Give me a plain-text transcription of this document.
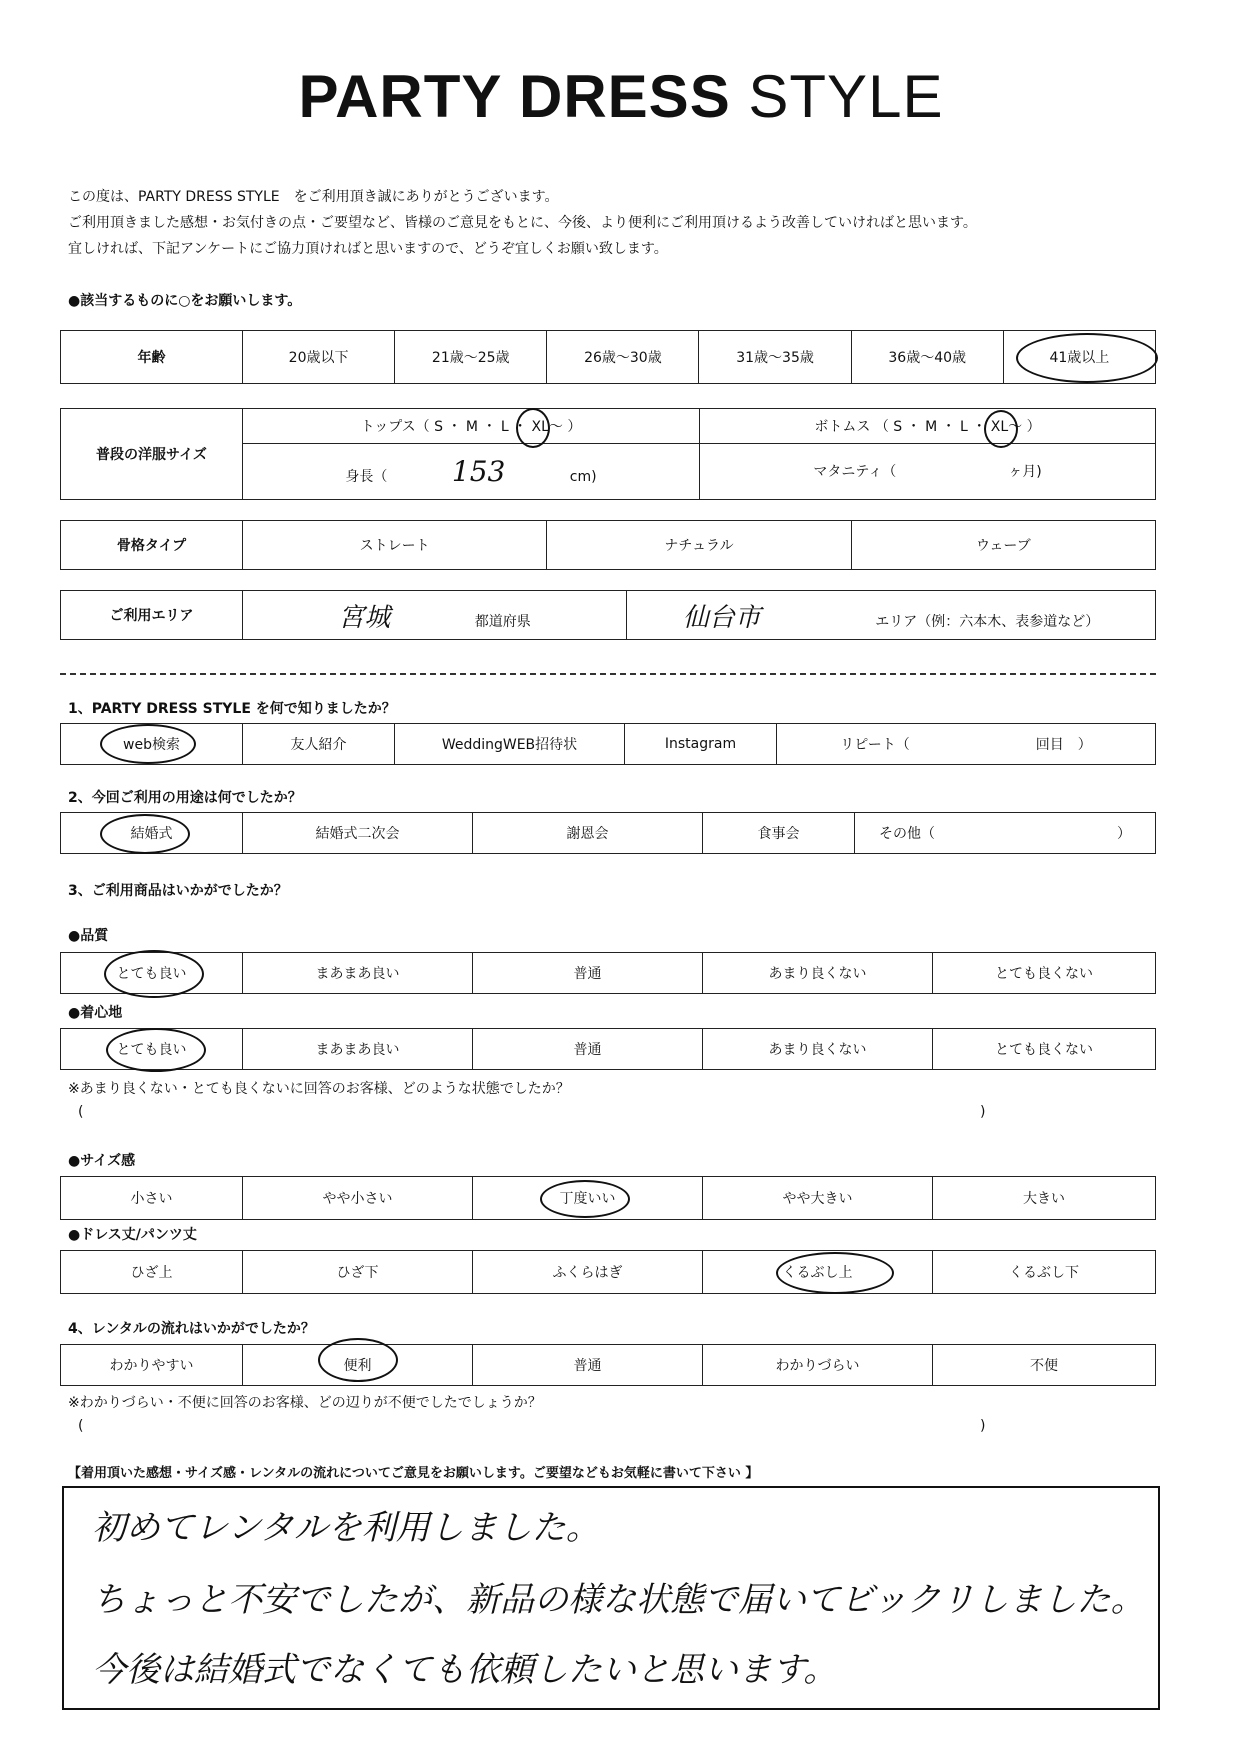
PARTY DRESS STYLE
この度は、PARTY DRESS STYLE　をご利用頂き誠にありがとうございます。
ご利用頂きました感想・お気付きの点・ご要望など、皆様のご意見をもとに、今後、より便利にご利用頂けるよう改善していければと思います。
宜しければ、下記アンケートにご協力頂ければと思いますので、どうぞ宜しくお願い致します。
●該当するものに○をお願いします。
年齢	20歳以下	21歳〜25歳	26歳〜30歳	31歳〜35歳	36歳〜40歳	41歳以上
普段の洋服サイズ	トップス（ S ・ M ・ L ・ XL〜 ）	ボトムス （ S ・ M ・ L ・ XL〜 ）
	身長（ 153 cm)	マタニティ（　　　　　　　　ヶ月)
骨格タイプ	ストレート	ナチュラル	ウェーブ
ご利用エリア	宮城	都道府県	仙台市	エリア（例：六本木、表参道など）
1、PARTY DRESS STYLE を何で知りましたか？
web検索	友人紹介	WeddingWEB招待状	Instagram	リピート（　　　　　　　　　回目　）
2、今回ご利用の用途は何でしたか？
結婚式	結婚式二次会	謝恩会	食事会	その他（　　　　　　　　　　　　　）
3、ご利用商品はいかがでしたか？
●品質
とても良い	まあまあ良い	普通	あまり良くない	とても良くない
●着心地
とても良い	まあまあ良い	普通	あまり良くない	とても良くない
※あまり良くない・とても良くないに回答のお客様、どのような状態でしたか？
(	)
●サイズ感
小さい	やや小さい	丁度いい	やや大きい	大きい
●ドレス丈/パンツ丈
ひざ上	ひざ下	ふくらはぎ	くるぶし上	くるぶし下
4、レンタルの流れはいかがでしたか？
わかりやすい	便利	普通	わかりづらい	不便
※わかりづらい・不便に回答のお客様、どの辺りが不便でしたでしょうか？
(	)
【着用頂いた感想・サイズ感・レンタルの流れについてご意見をお願いします。ご要望などもお気軽に書いて下さい 】
初めてレンタルを利用しました。
ちょっと不安でしたが、新品の様な状態で届いてビックリしました。
今後は結婚式でなくても依頼したいと思います。
